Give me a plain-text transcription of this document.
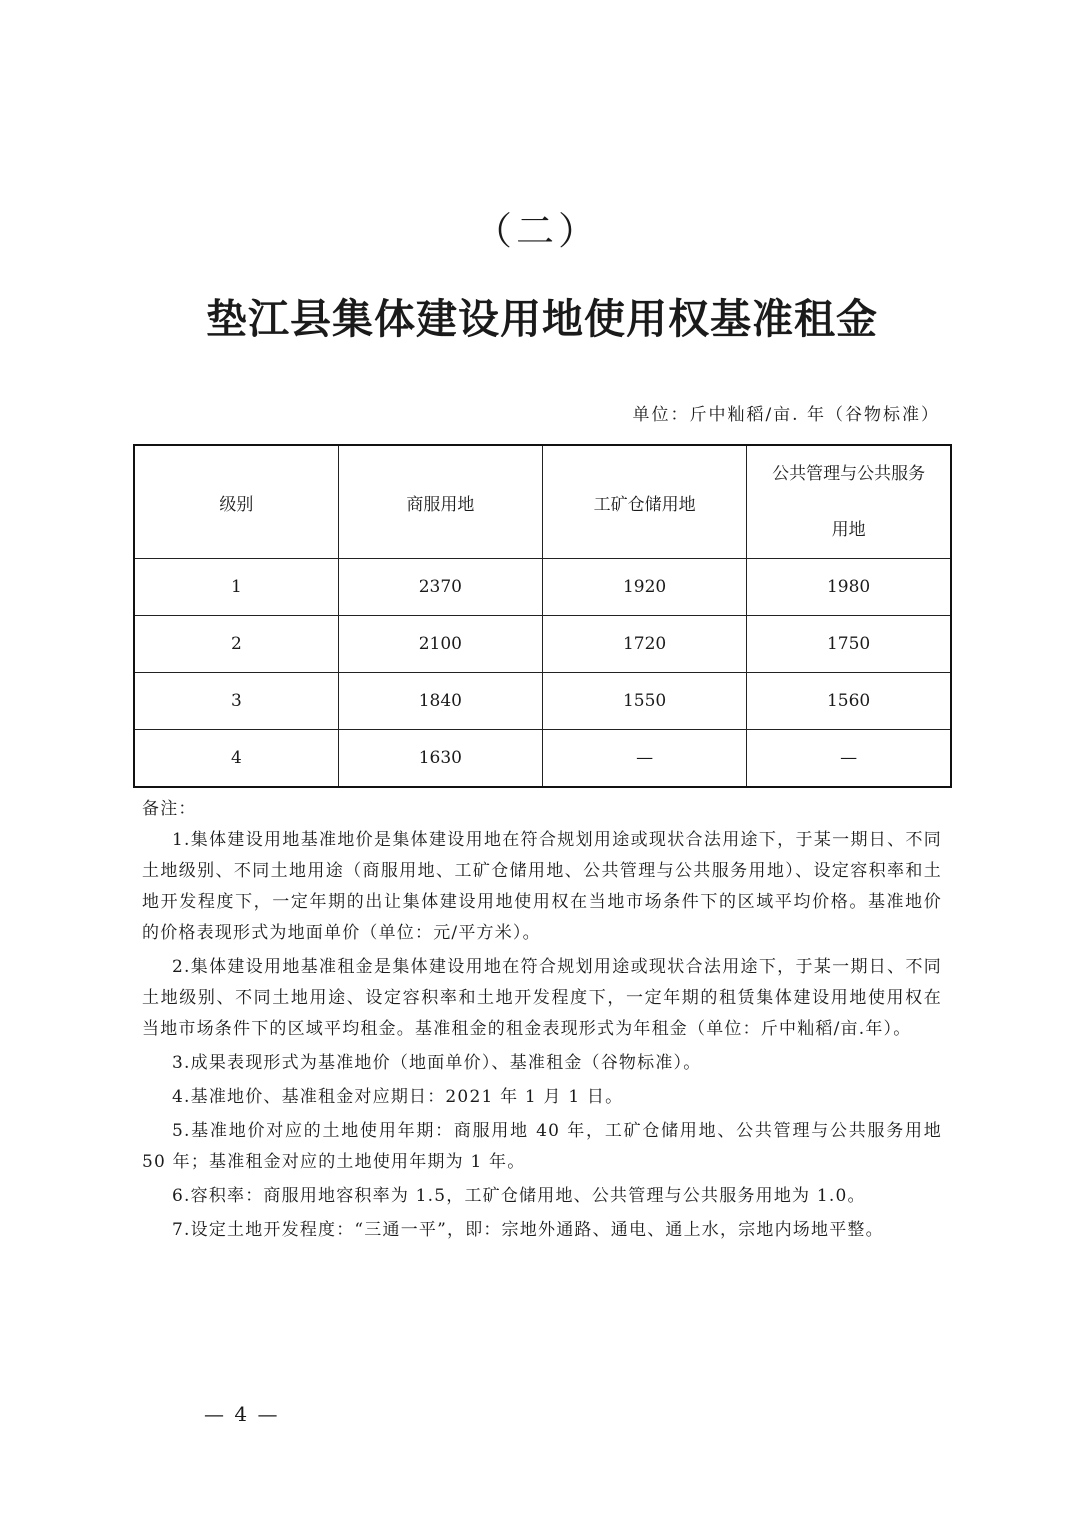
（二）
垫江县集体建设用地使用权基准租金
单位：斤中籼稻/亩. 年（谷物标准）
级别	商服用地	工矿仓储用地	公共管理与公共服务
用地

1	2370	1920	1980
2	2100	1720	1750
3	1840	1550	1560
4	1630	—	—

备注：

1.集体建设用地基准地价是集体建设用地在符合规划用途或现状合法用途下，于某一期日、不同土地级别、不同土地用途（商服用地、工矿仓储用地、公共管理与公共服务用地）、设定容积率和土地开发程度下，一定年期的出让集体建设用地使用权在当地市场条件下的区域平均价格。基准地价的价格表现形式为地面单价（单位：元/平方米）。

2.集体建设用地基准租金是集体建设用地在符合规划用途或现状合法用途下，于某一期日、不同土地级别、不同土地用途、设定容积率和土地开发程度下，一定年期的租赁集体建设用地使用权在当地市场条件下的区域平均租金。基准租金的租金表现形式为年租金（单位：斤中籼稻/亩.年）。

3.成果表现形式为基准地价（地面单价）、基准租金（谷物标准）。

4.基准地价、基准租金对应期日：2021 年 1 月 1 日。

5.基准地价对应的土地使用年期：商服用地 40 年，工矿仓储用地、公共管理与公共服务用地 50 年；基准租金对应的土地使用年期为 1 年。

6.容积率：商服用地容积率为 1.5，工矿仓储用地、公共管理与公共服务用地为 1.0。

7.设定土地开发程度：“三通一平”，即：宗地外通路、通电、通上水，宗地内场地平整。

— 4 —
